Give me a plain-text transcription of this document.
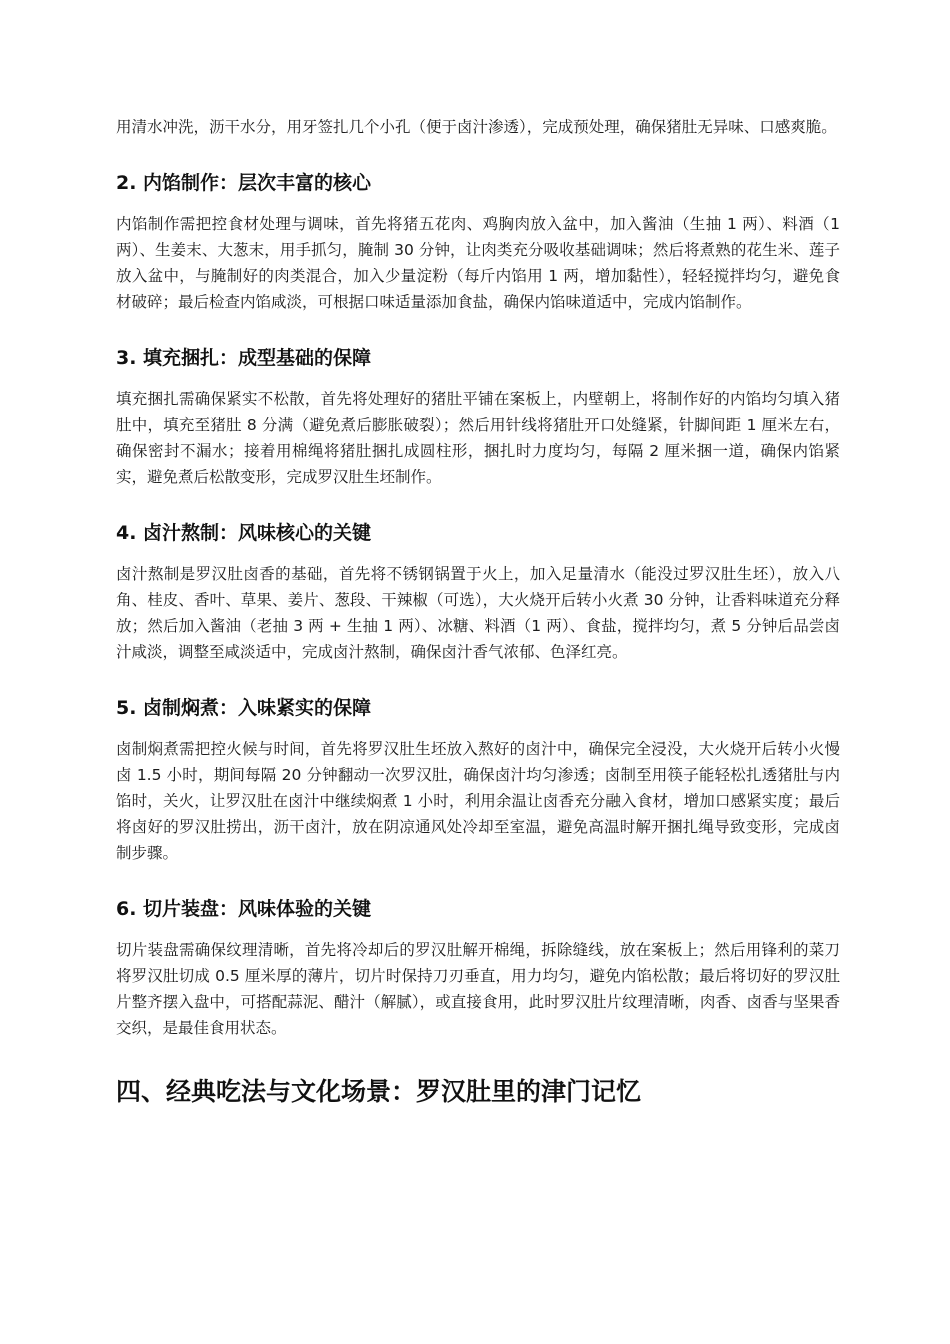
用清水冲洗，沥干水分，用牙签扎几个小孔（便于卤汁渗透），完成预处理，确保猪肚无异味、口感爽脆。

2. 内馅制作：层次丰富的核心

内馅制作需把控食材处理与调味，首先将猪五花肉、鸡胸肉放入盆中，加入酱油（生抽 1 两）、料酒（1 两）、生姜末、大葱末，用手抓匀，腌制 30 分钟，让肉类充分吸收基础调味；然后将煮熟的花生米、莲子放入盆中，与腌制好的肉类混合，加入少量淀粉（每斤内馅用 1 两，增加黏性），轻轻搅拌均匀，避免食材破碎；最后检查内馅咸淡，可根据口味适量添加食盐，确保内馅味道适中，完成内馅制作。

3. 填充捆扎：成型基础的保障

填充捆扎需确保紧实不松散，首先将处理好的猪肚平铺在案板上，内壁朝上，将制作好的内馅均匀填入猪肚中，填充至猪肚 8 分满（避免煮后膨胀破裂）；然后用针线将猪肚开口处缝紧，针脚间距 1 厘米左右，确保密封不漏水；接着用棉绳将猪肚捆扎成圆柱形，捆扎时力度均匀，每隔 2 厘米捆一道，确保内馅紧实，避免煮后松散变形，完成罗汉肚生坯制作。

4. 卤汁熬制：风味核心的关键

卤汁熬制是罗汉肚卤香的基础，首先将不锈钢锅置于火上，加入足量清水（能没过罗汉肚生坯），放入八角、桂皮、香叶、草果、姜片、葱段、干辣椒（可选），大火烧开后转小火煮 30 分钟，让香料味道充分释放；然后加入酱油（老抽 3 两 + 生抽 1 两）、冰糖、料酒（1 两）、食盐，搅拌均匀，煮 5 分钟后品尝卤汁咸淡，调整至咸淡适中，完成卤汁熬制，确保卤汁香气浓郁、色泽红亮。

5. 卤制焖煮：入味紧实的保障

卤制焖煮需把控火候与时间，首先将罗汉肚生坯放入熬好的卤汁中，确保完全浸没，大火烧开后转小火慢卤 1.5 小时，期间每隔 20 分钟翻动一次罗汉肚，确保卤汁均匀渗透；卤制至用筷子能轻松扎透猪肚与内馅时，关火，让罗汉肚在卤汁中继续焖煮 1 小时，利用余温让卤香充分融入食材，增加口感紧实度；最后将卤好的罗汉肚捞出，沥干卤汁，放在阴凉通风处冷却至室温，避免高温时解开捆扎绳导致变形，完成卤制步骤。

6. 切片装盘：风味体验的关键

切片装盘需确保纹理清晰，首先将冷却后的罗汉肚解开棉绳，拆除缝线，放在案板上；然后用锋利的菜刀将罗汉肚切成 0.5 厘米厚的薄片，切片时保持刀刃垂直，用力均匀，避免内馅松散；最后将切好的罗汉肚片整齐摆入盘中，可搭配蒜泥、醋汁（解腻），或直接食用，此时罗汉肚片纹理清晰，肉香、卤香与坚果香交织，是最佳食用状态。

四、经典吃法与文化场景：罗汉肚里的津门记忆
